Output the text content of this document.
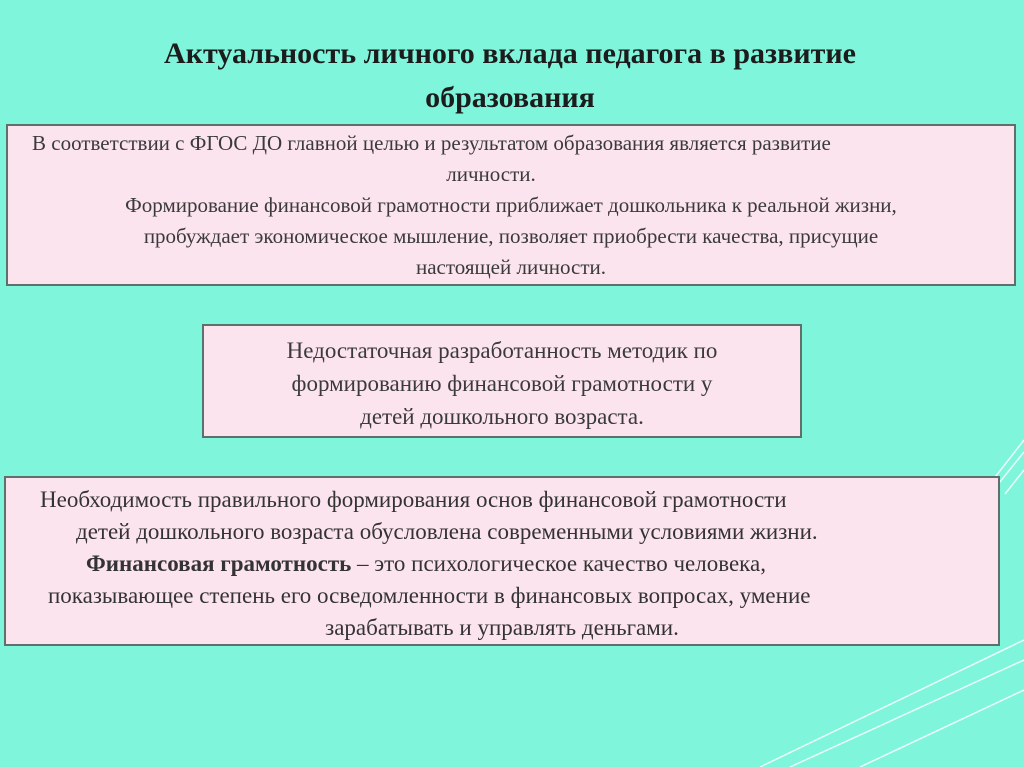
Актуальность личного вклада педагога в развитие
образования
В соответствии с ФГОС ДО главной целью и результатом образования является развитие
личности.
Формирование финансовой грамотности приближает дошкольника к реальной жизни,
пробуждает экономическое мышление, позволяет приобрести качества, присущие
настоящей личности.
Недостаточная разработанность методик по
формированию финансовой грамотности у
детей дошкольного возраста.
Необходимость правильного формирования основ финансовой грамотности
детей дошкольного возраста обусловлена современными условиями жизни.
Финансовая грамотность – это психологическое качество человека,
показывающее степень его осведомленности в финансовых вопросах, умение
зарабатывать и управлять деньгами.
